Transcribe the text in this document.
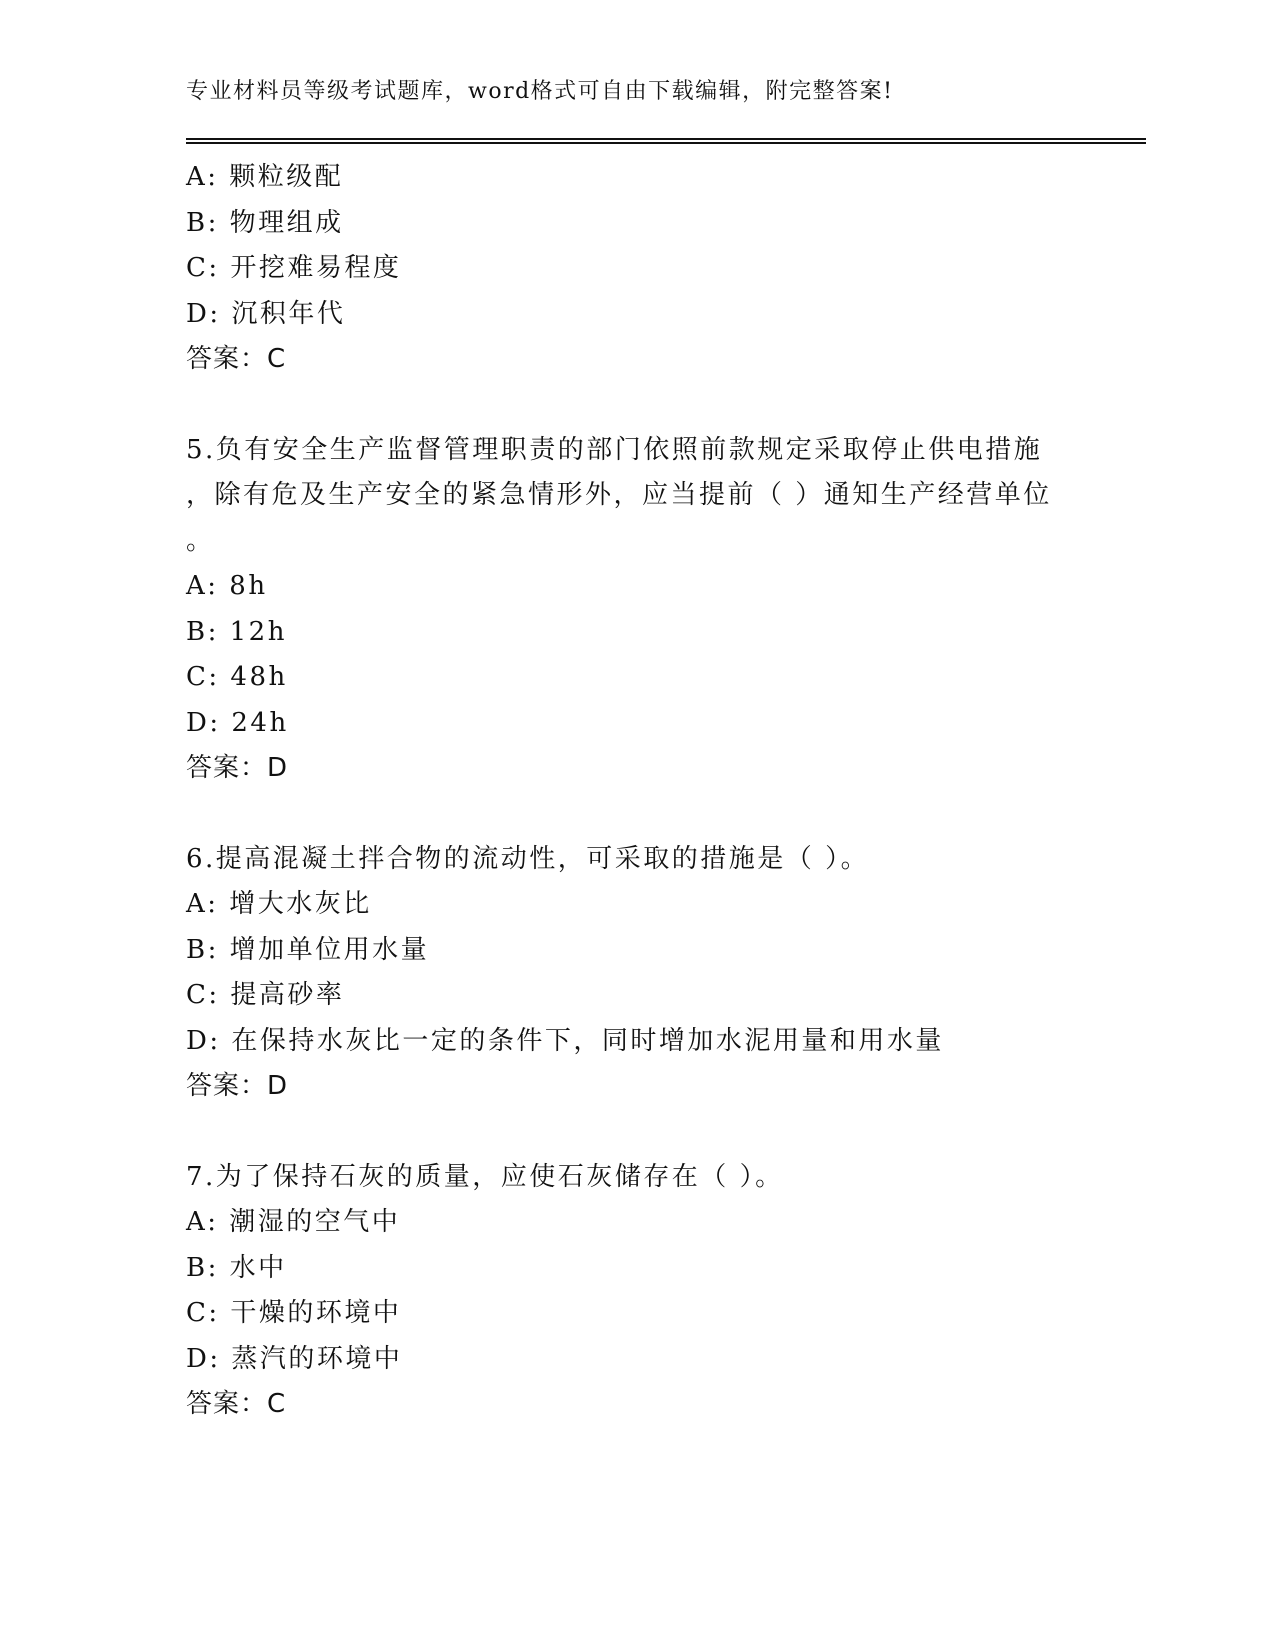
专业材料员等级考试题库，word格式可自由下载编辑，附完整答案!
A: 颗粒级配
B: 物理组成
C: 开挖难易程度
D: 沉积年代
答案：C
5.负有安全生产监督管理职责的部门依照前款规定采取停止供电措施
，除有危及生产安全的紧急情形外，应当提前（ ）通知生产经营单位
。
A: 8h
B: 12h
C: 48h
D: 24h
答案：D
6.提高混凝土拌合物的流动性，可采取的措施是（ ）。
A: 增大水灰比
B: 增加单位用水量
C: 提高砂率
D: 在保持水灰比一定的条件下，同时增加水泥用量和用水量
答案：D
7.为了保持石灰的质量，应使石灰储存在（ ）。
A: 潮湿的空气中
B: 水中
C: 干燥的环境中
D: 蒸汽的环境中
答案：C
